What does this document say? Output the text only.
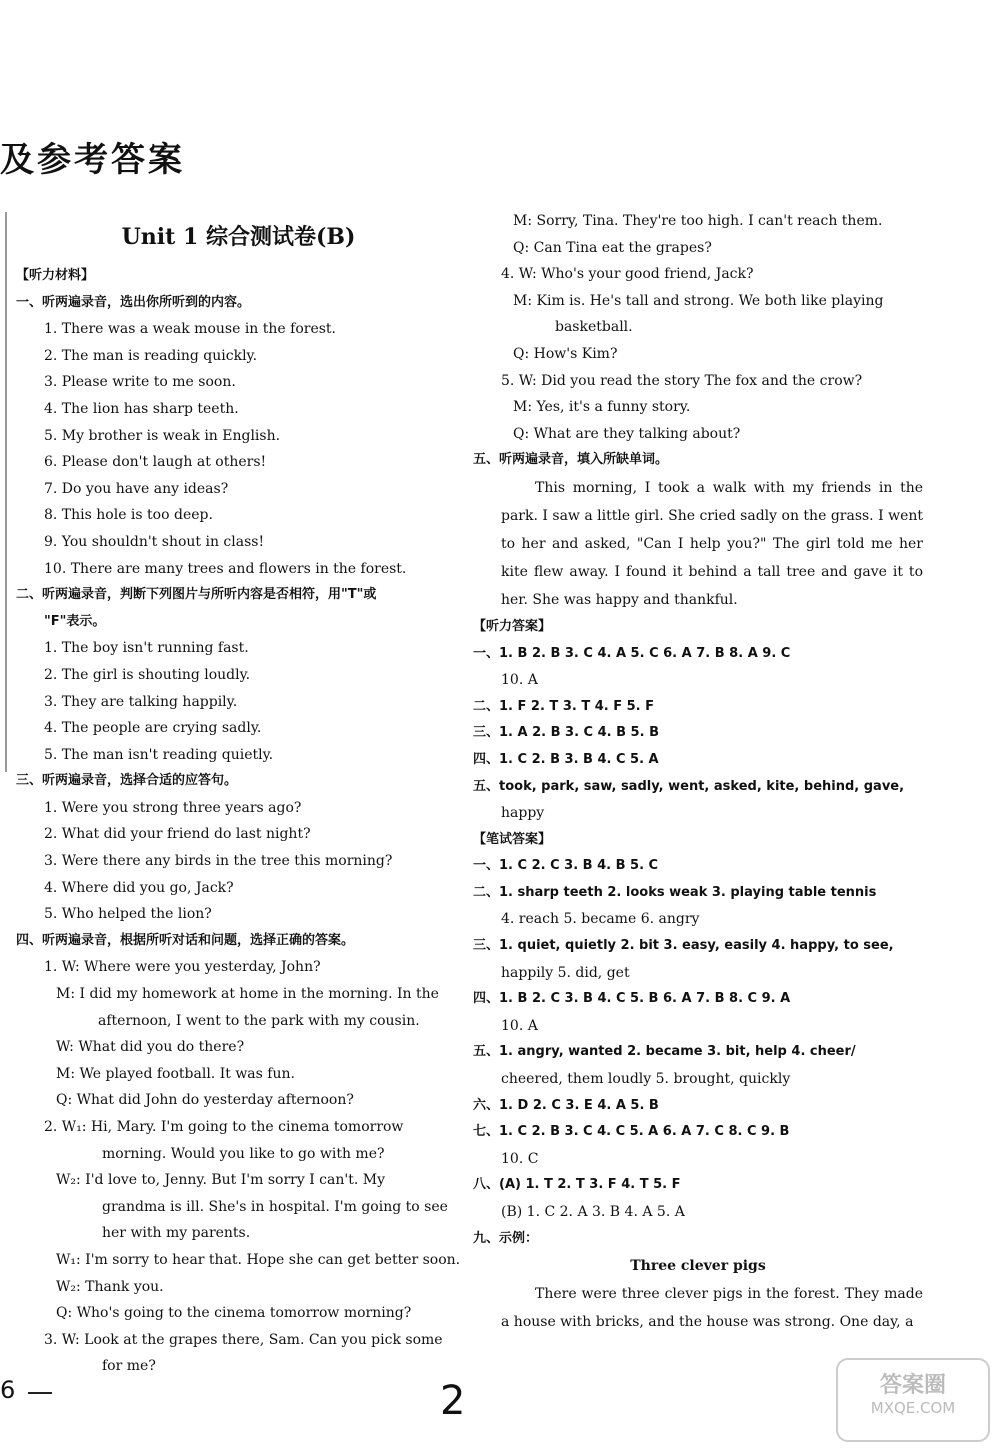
及参考答案
Unit 1 综合测试卷(B)
【听力材料】
一、听两遍录音，选出你所听到的内容。
1. There was a weak mouse in the forest.
2. The man is reading quickly.
3. Please write to me soon.
4. The lion has sharp teeth.
5. My brother is weak in English.
6. Please don't laugh at others!
7. Do you have any ideas?
8. This hole is too deep.
9. You shouldn't shout in class!
10. There are many trees and flowers in the forest.
二、听两遍录音，判断下列图片与所听内容是否相符，用"T"或
"F"表示。
1. The boy isn't running fast.
2. The girl is shouting loudly.
3. They are talking happily.
4. The people are crying sadly.
5. The man isn't reading quietly.
三、听两遍录音，选择合适的应答句。
1. Were you strong three years ago?
2. What did your friend do last night?
3. Were there any birds in the tree this morning?
4. Where did you go, Jack?
5. Who helped the lion?
四、听两遍录音，根据所听对话和问题，选择正确的答案。
1. W: Where were you yesterday, John?
M: I did my homework at home in the morning. In the
afternoon, I went to the park with my cousin.
W: What did you do there?
M: We played football. It was fun.
Q: What did John do yesterday afternoon?
2. W₁: Hi, Mary. I'm going to the cinema tomorrow
morning. Would you like to go with me?
W₂: I'd love to, Jenny. But I'm sorry I can't. My
grandma is ill. She's in hospital. I'm going to see
her with my parents.
W₁: I'm sorry to hear that. Hope she can get better soon.
W₂: Thank you.
Q: Who's going to the cinema tomorrow morning?
3. W: Look at the grapes there, Sam. Can you pick some
for me?
M: Sorry, Tina. They're too high. I can't reach them.
Q: Can Tina eat the grapes?
4. W: Who's your good friend, Jack?
M: Kim is. He's tall and strong. We both like playing
basketball.
Q: How's Kim?
5. W: Did you read the story The fox and the crow?
M: Yes, it's a funny story.
Q: What are they talking about?
五、听两遍录音，填入所缺单词。
This morning, I took a walk with my friends in the park. I saw a little girl. She cried sadly on the grass. I went to her and asked, "Can I help you?" The girl told me her kite flew away. I found it behind a tall tree and gave it to her. She was happy and thankful.
【听力答案】
一、1. B 2. B 3. C 4. A 5. C 6. A 7. B 8. A 9. C
10. A
二、1. F 2. T 3. T 4. F 5. F
三、1. A 2. B 3. C 4. B 5. B
四、1. C 2. B 3. B 4. C 5. A
五、took, park, saw, sadly, went, asked, kite, behind, gave,
happy
【笔试答案】
一、1. C 2. C 3. B 4. B 5. C
二、1. sharp teeth 2. looks weak 3. playing table tennis
4. reach 5. became 6. angry
三、1. quiet, quietly 2. bit 3. easy, easily 4. happy, to see,
happily 5. did, get
四、1. B 2. C 3. B 4. C 5. B 6. A 7. B 8. C 9. A
10. A
五、1. angry, wanted 2. became 3. bit, help 4. cheer/
cheered, them loudly 5. brought, quickly
六、1. D 2. C 3. E 4. A 5. B
七、1. C 2. B 3. C 4. C 5. A 6. A 7. C 8. C 9. B
10. C
八、(A) 1. T 2. T 3. F 4. T 5. F
(B) 1. C 2. A 3. B 4. A 5. A
九、示例：
Three clever pigs
There were three clever pigs in the forest. They made a house with bricks, and the house was strong. One day, a
6	2	答案圈
MXQE.COM
